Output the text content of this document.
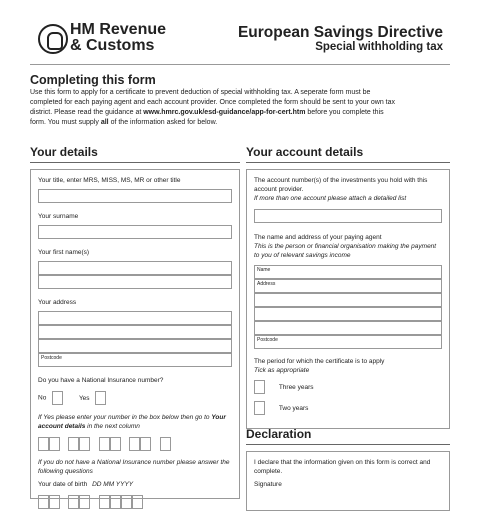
HM Revenue
& Customs
European Savings Directive
Special withholding tax
Completing this form
Use this form to apply for a certificate to prevent deduction of special withholding tax. A seperate form must be completed for each paying agent and each account provider. Once completed the form should be sent to your own tax district. Please read the guidance at www.hmrc.gov.uk/esd-guidance/app-for-cert.htm before you complete this form. You must supply all of the information asked for below.
Your details
Your title, enter MRS, MISS, MS, MR or other title
Your surname
Your first name(s)
Your address
Postcode
Do you have a National Insurance number?
No	Yes
If Yes please enter your number in the box below then go to Your account details in the next column

If you do not have a National Insurance number please answer the following questions
Your date of birth DD MM YYYY

Your account details
The account number(s) of the investments you hold with this account provider.
If more than one account please attach a detailed list
The name and address of your paying agent
This is the person or financial organisation making the payment to you of relevant savings income
Name
Address
Postcode
The period for which the certificate is to apply
Tick as appropriate
Three years
Two years
Declaration
I declare that the information given on this form is correct and complete.
Signature
